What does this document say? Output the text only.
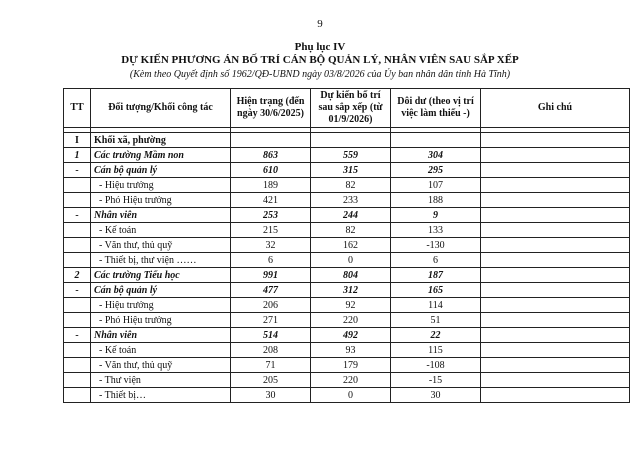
9
Phụ lục IV
DỰ KIẾN PHƯƠNG ÁN BỐ TRÍ CÁN BỘ QUẢN LÝ, NHÂN VIÊN SAU SẮP XẾP
(Kèm theo Quyết định số 1962/QĐ-UBND ngày 03/8/2026 của Ủy ban nhân dân tỉnh Hà Tĩnh)
TT	Đối tượng/Khối công tác	Hiện trạng (đến ngày 30/6/2025)	Dự kiến bố trí sau sắp xếp (từ 01/9/2026)	Dôi dư (theo vị trí việc làm thiếu -)	Ghi chú

I	Khối xã, phường				
1	Các trường Mầm non	863	559	304	
-	Cán bộ quản lý	610	315	295	
	- Hiệu trưởng	189	82	107	
	- Phó Hiệu trưởng	421	233	188	
-	Nhân viên	253	244	9	
	- Kế toán	215	82	133	
	- Văn thư, thủ quỹ	32	162	-130	
	- Thiết bị, thư viện ……	6	0	6	
2	Các trường Tiểu học	991	804	187	
-	Cán bộ quản lý	477	312	165	
	- Hiệu trưởng	206	92	114	
	- Phó Hiệu trưởng	271	220	51	
-	Nhân viên	514	492	22	
	- Kế toán	208	93	115	
	- Văn thư, thủ quỹ	71	179	-108	
	- Thư viện	205	220	-15	
	- Thiết bị…	30	0	30	
